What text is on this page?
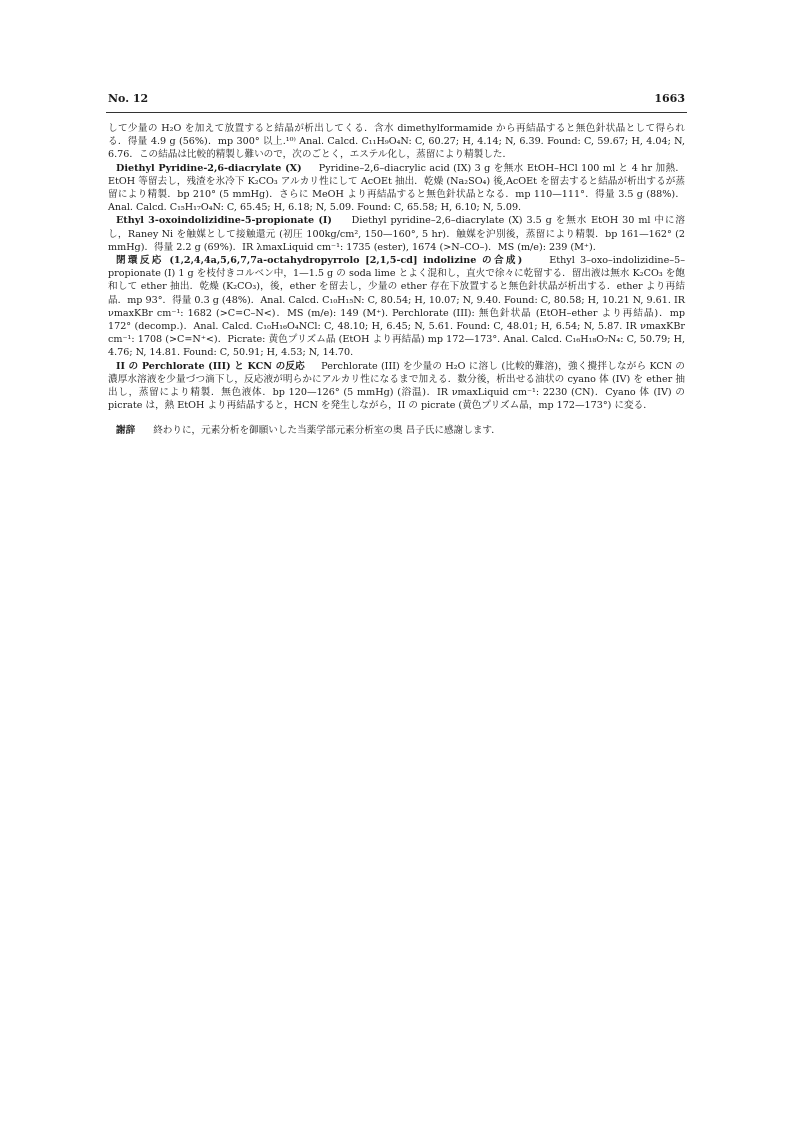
No. 12	1663

して少量の H₂O を加えて放置すると結晶が析出してくる．含水 dimethylformamide から再結晶すると無色針状晶として得られる．得量 4.9 g (56%)．mp 300° 以上.¹⁰⁾ Anal. Calcd. C₁₁H₉O₄N: C, 60.27; H, 4.14; N, 6.39. Found: C, 59.67; H, 4.04; N, 6.76．この結晶は比較的精製し難いので，次のごとく，エステル化し，蒸留により精製した．

Diethyl Pyridine-2,6-diacrylate (X) Pyridine–2,6–diacrylic acid (IX) 3 g を無水 EtOH–HCl 100 ml と 4 hr 加熱．EtOH 等留去し，残渣を氷冷下 K₂CO₃ アルカリ性にして AcOEt 抽出．乾燥 (Na₂SO₄) 後,AcOEt を留去すると結晶が析出するが蒸留により精製．bp 210° (5 mmHg)．さらに MeOH より再結晶すると無色針状晶となる．mp 110—111°．得量 3.5 g (88%)．Anal. Calcd. C₁₅H₁₇O₄N: C, 65.45; H, 6.18; N, 5.09. Found: C, 65.58; H, 6.10; N, 5.09.

Ethyl 3-oxoindolizidine-5-propionate (I) Diethyl pyridine–2,6–diacrylate (X) 3.5 g を無水 EtOH 30 ml 中に溶し，Raney Ni を触媒として接触還元 (初圧 100kg/cm², 150—160°, 5 hr)．触媒を沪別後，蒸留により精製．bp 161—162° (2 mmHg)．得量 2.2 g (69%)．IR λmaxLiquid cm⁻¹: 1735 (ester), 1674 (>N–CO–)．MS (m/e): 239 (M⁺).

閉環反応 (1,2,4,4a,5,6,7,7a-octahydropyrrolo [2,1,5-cd] indolizine の合成)	Ethyl 3–oxo–indolizidine–5–propionate (I) 1 g を枝付きコルベン中，1—1.5 g の soda lime とよく混和し，直火で徐々に乾留する．留出液は無水 K₂CO₃ を飽和して ether 抽出．乾燥 (K₂CO₃)，後，ether を留去し，少量の ether 存在下放置すると無色針状晶が析出する．ether より再結晶．mp 93°．得量 0.3 g (48%)．Anal. Calcd. C₁₀H₁₅N: C, 80.54; H, 10.07; N, 9.40. Found: C, 80.58; H, 10.21 N, 9.61. IR νmaxKBr cm⁻¹: 1682 (>C=C–N<)．MS (m/e): 149 (M⁺). Perchlorate (III): 無色針状晶 (EtOH–ether より再結晶)．mp 172° (decomp.)．Anal. Calcd. C₁₀H₁₆O₄NCl: C, 48.10; H, 6.45; N, 5.61. Found: C, 48.01; H, 6.54; N, 5.87. IR νmaxKBr cm⁻¹: 1708 (>C=N⁺<)．Picrate: 黄色プリズム晶 (EtOH より再結晶) mp 172—173°. Anal. Calcd. C₁₆H₁₈O₇N₄: C, 50.79; H, 4.76; N, 14.81. Found: C, 50.91; H, 4.53; N, 14.70.

II の Perchlorate (III) と KCN の反応 Perchlorate (III) を少量の H₂O に溶し (比較的難溶)，強く攪拌しながら KCN の濃厚水溶液を少量づつ滴下し，反応液が明らかにアルカリ性になるまで加える．数分後，析出せる油状の cyano 体 (IV) を ether 抽出し，蒸留により精製．無色液体．bp 120—126° (5 mmHg) (浴温)．IR νmaxLiquid cm⁻¹: 2230 (CN)．Cyano 体 (IV) の picrate は，熱 EtOH より再結晶すると，HCN を発生しながら，II の picrate (黄色プリズム晶，mp 172—173°) に変る．

謝辞 終わりに，元素分析を御願いした当薬学部元素分析室の奥 昌子氏に感謝します．
